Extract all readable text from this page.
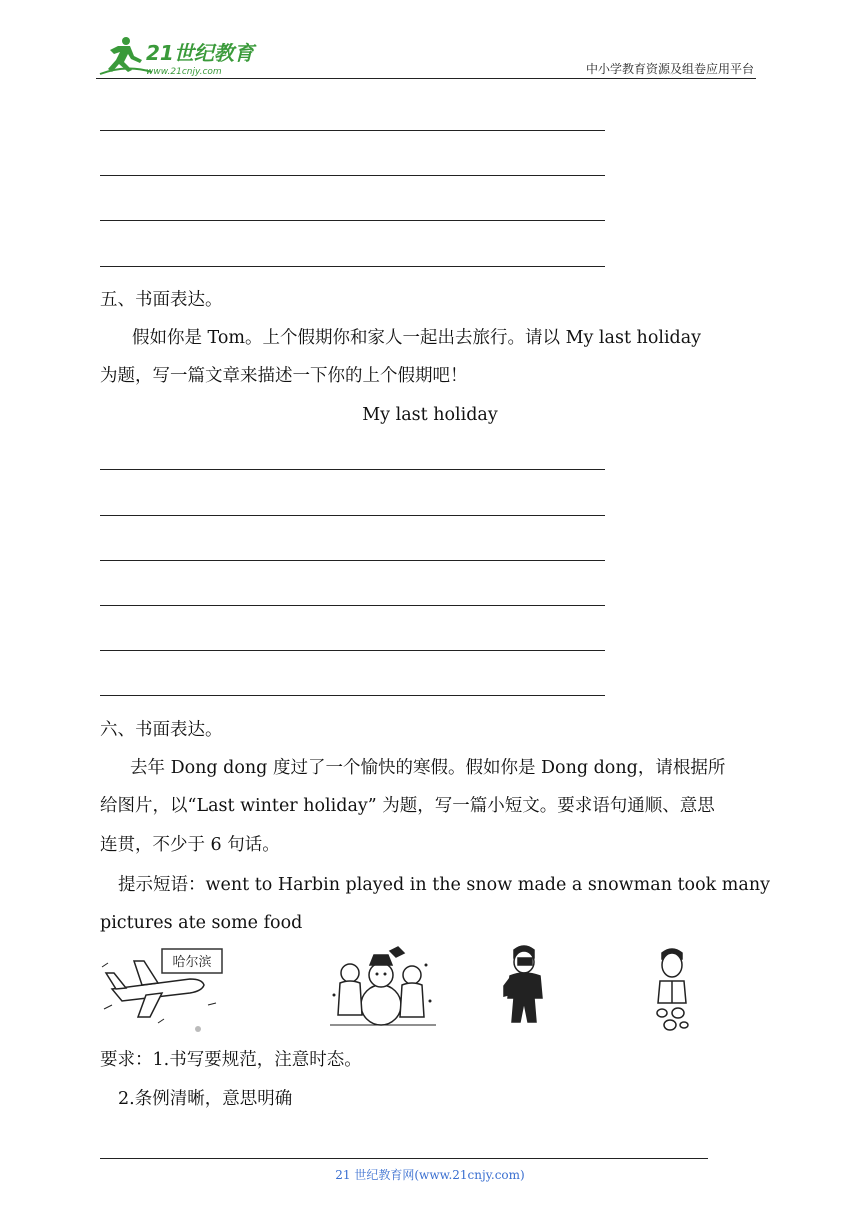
21世纪教育
www.21cnjy.com	中小学教育资源及组卷应用平台
五、书面表达。
假如你是 Tom。上个假期你和家人一起出去旅行。请以 My last holiday
为题，写一篇文章来描述一下你的上个假期吧！
My last holiday
六、书面表达。
去年 Dong dong 度过了一个愉快的寒假。假如你是 Dong dong，请根据所
给图片，以“Last winter holiday” 为题，写一篇小短文。要求语句通顺、意思
连贯，不少于 6 句话。
提示短语：went to Harbin played in the snow made a snowman took many
pictures ate some food
哈尔滨
要求：1.书写要规范，注意时态。
2.条例清晰，意思明确
21 世纪教育网(www.21cnjy.com)
